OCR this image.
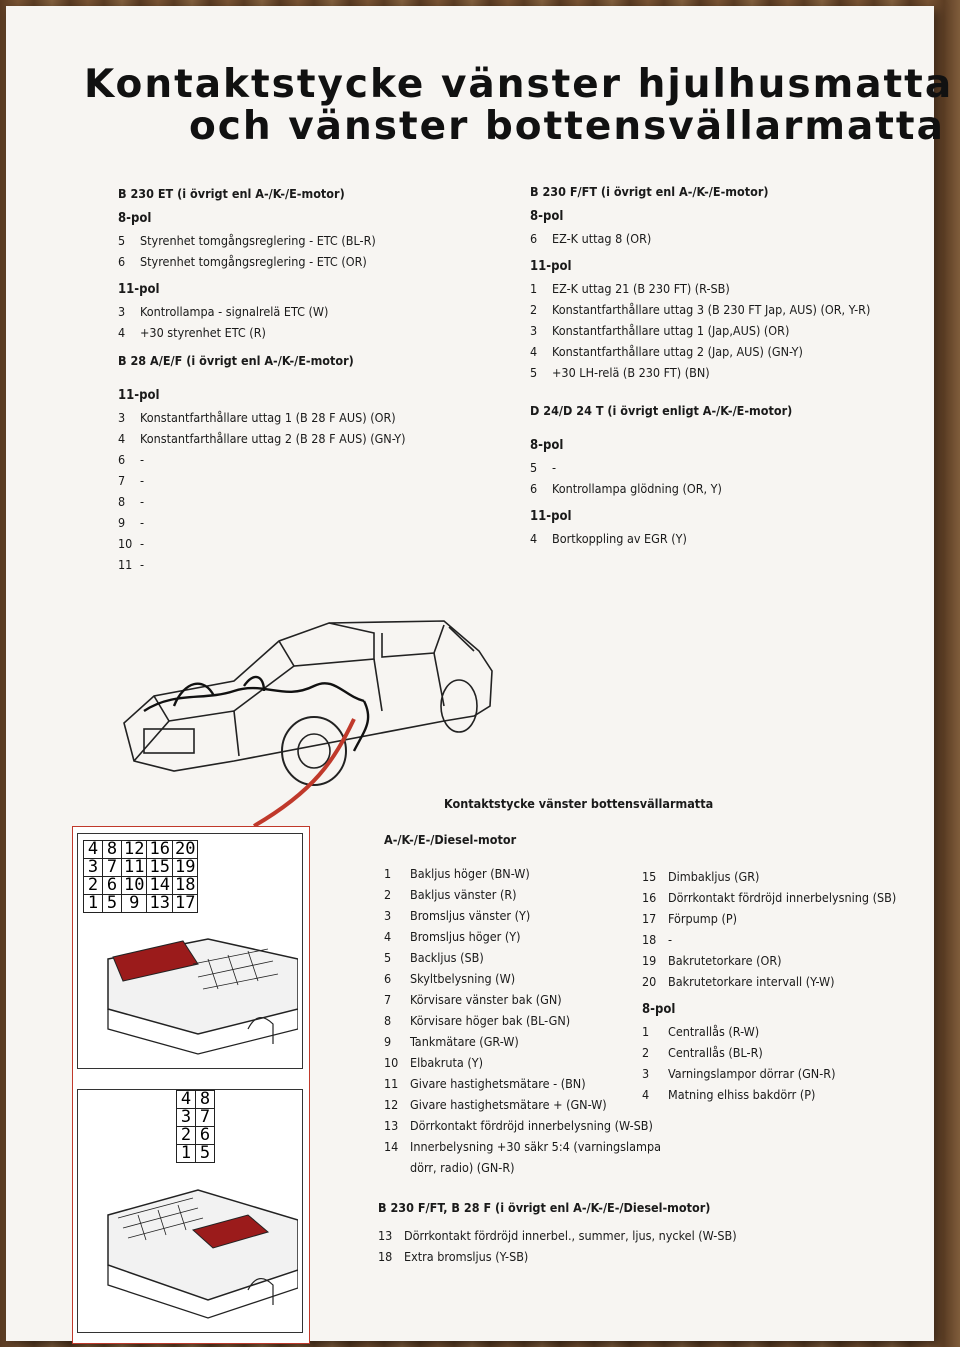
Kontaktstycke vänster hjulhusmatta
och vänster bottensvällarmatta
B 230 ET (i övrigt enl A-/K-/E-motor)
8-pol
5	Styrenhet tomgångsreglering - ETC (BL-R)
6	Styrenhet tomgångsreglering - ETC (OR)
11-pol
3	Kontrollampa - signalrelä ETC (W)
4	+30 styrenhet ETC (R)
B 28 A/E/F (i övrigt enl A-/K-/E-motor)
11-pol
3	Konstantfarthållare uttag 1 (B 28 F AUS) (OR)
4	Konstantfarthållare uttag 2 (B 28 F AUS) (GN-Y)
6	-
7	-
8	-
9	-
10 -
11 -
B 230 F/FT (i övrigt enl A-/K-/E-motor)
8-pol
6	EZ-K uttag 8 (OR)
11-pol
1	EZ-K uttag 21 (B 230 FT) (R-SB)
2	Konstantfarthållare uttag 3 (B 230 FT Jap, AUS) (OR, Y-R)
3	Konstantfarthållare uttag 1 (Jap,AUS) (OR)
4	Konstantfarthållare uttag 2 (Jap, AUS) (GN-Y)
5	+30 LH-relä (B 230 FT) (BN)
D 24/D 24 T (i övrigt enligt A-/K-/E-motor)
8-pol
5	-
6	Kontrollampa glödning (OR, Y)
11-pol
4	Bortkoppling av EGR (Y)
4	8	12	16	20
3	7	11	15	19
2	6	10	14	18
1	5	9	13	17
4	8
3	7
2	6
1	5
Kontaktstycke vänster bottensvällarmatta
A-/K-/E-/Diesel-motor
1	Bakljus höger (BN-W)
2	Bakljus vänster (R)
3	Bromsljus vänster (Y)
4	Bromsljus höger (Y)
5	Backljus (SB)
6	Skyltbelysning (W)
7	Körvisare vänster bak (GN)
8	Körvisare höger bak (BL-GN)
9	Tankmätare (GR-W)
10 Elbakruta (Y)
11 Givare hastighetsmätare - (BN)
12 Givare hastighetsmätare + (GN-W)
13 Dörrkontakt fördröjd innerbelysning (W-SB)
14 Innerbelysning +30 säkr 5:4 (varningslampa
dörr, radio) (GN-R)
15 Dimbakljus (GR)
16 Dörrkontakt fördröjd innerbelysning (SB)
17 Förpump (P)
18 -
19 Bakrutetorkare (OR)
20 Bakrutetorkare intervall (Y-W)
8-pol
1	Centrallås (R-W)
2	Centrallås (BL-R)
3	Varningslampor dörrar (GN-R)
4	Matning elhiss bakdörr (P)
B 230 F/FT, B 28 F (i övrigt enl A-/K-/E-/Diesel-motor)
13 Dörrkontakt fördröjd innerbel., summer, ljus, nyckel (W-SB)
18 Extra bromsljus (Y-SB)
